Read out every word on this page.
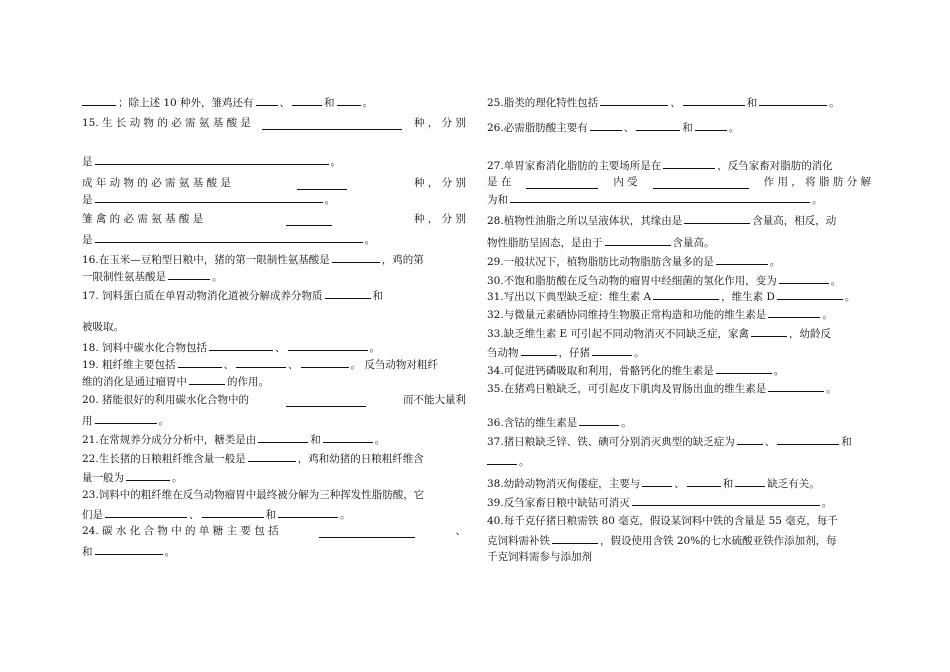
；除上述 10 种外，雏鸡还有 、	和	。
15. 生 长 动 物 的 必 需 氨 基 酸 是	种 ， 分 别
是	。
成 年 动 物 的 必 需 氨 基 酸 是	种 ， 分 别
是	。
雏 禽 的 必 需 氨 基 酸 是	种 ， 分 别
是	。
16.在玉米—豆粕型日粮中，猪的第一限制性氨基酸是	，鸡的第
一限制性氨基酸是	。
17. 饲料蛋白质在单胃动物消化道被分解成养分物质	和
被吸取。
18. 饲料中碳水化合物包括	、	。
19. 粗纤维主要包括	、	、	。 反刍动物对粗纤
维的消化是通过瘤胃中	的作用。
20. 猪能很好的利用碳水化合物中的	而不能大量利
用	。
21.在常规养分成分分析中，糖类是由	和	。
22.生长猪的日粮粗纤维含量一般是	，鸡和幼猪的日粮粗纤维含
量一般为	。
23.饲料中的粗纤维在反刍动物瘤胃中最终被分解为三种挥发性脂肪酸，它
们是	、	和	。
24. 碳 水 化 合 物 中 的 单 糖 主 要 包 括	、
和	。
25.脂类的理化特性包括	、	和	。
26.必需脂肪酸主要有	、	和	。
27.单胃家畜消化脂肪的主要场所是在	，反刍家畜对脂肪的消化
是 在	内 受	作 用 ， 将 脂 肪 分 解
为和	。
28.植物性油脂之所以呈液体状，其缘由是	含量高，相反，动
物性脂肪呈固态，是由于	含量高。
29.一般状况下，植物脂肪比动物脂肪含量多的是	。
30.不饱和脂肪酸在反刍动物的瘤胃中经细菌的氢化作用，变为	。
31.写出以下典型缺乏症：维生素 A	，维生素 D	。
32.与微量元素硒协同维持生物膜正常构造和功能的维生素是	。
33.缺乏维生素 E 可引起不同动物消灭不同缺乏症，家禽	，幼龄反
刍动物	，仔猪	。
34.可促进钙磷吸取和利用，骨骼钙化的维生素是	。
35.在猪鸡日粮缺乏，可引起皮下肌肉及胃肠出血的维生素是	。
36.含钴的维生素是	。
37.猪日粮缺乏锌、铁、碘可分别消灭典型的缺乏症为	、	和
。
38.幼龄动物消灭佝偻症，主要与	、	和	缺乏有关。
39.反刍家畜日粮中缺钴可消灭	。
40.每千克仔猪日粮需铁 80 毫克，假设某饲料中铁的含量是 55 毫克，每千
克饲料需补铁	，假设使用含铁 20%的七水硫酸亚铁作添加剂，每
千克饲料需参与添加剂
